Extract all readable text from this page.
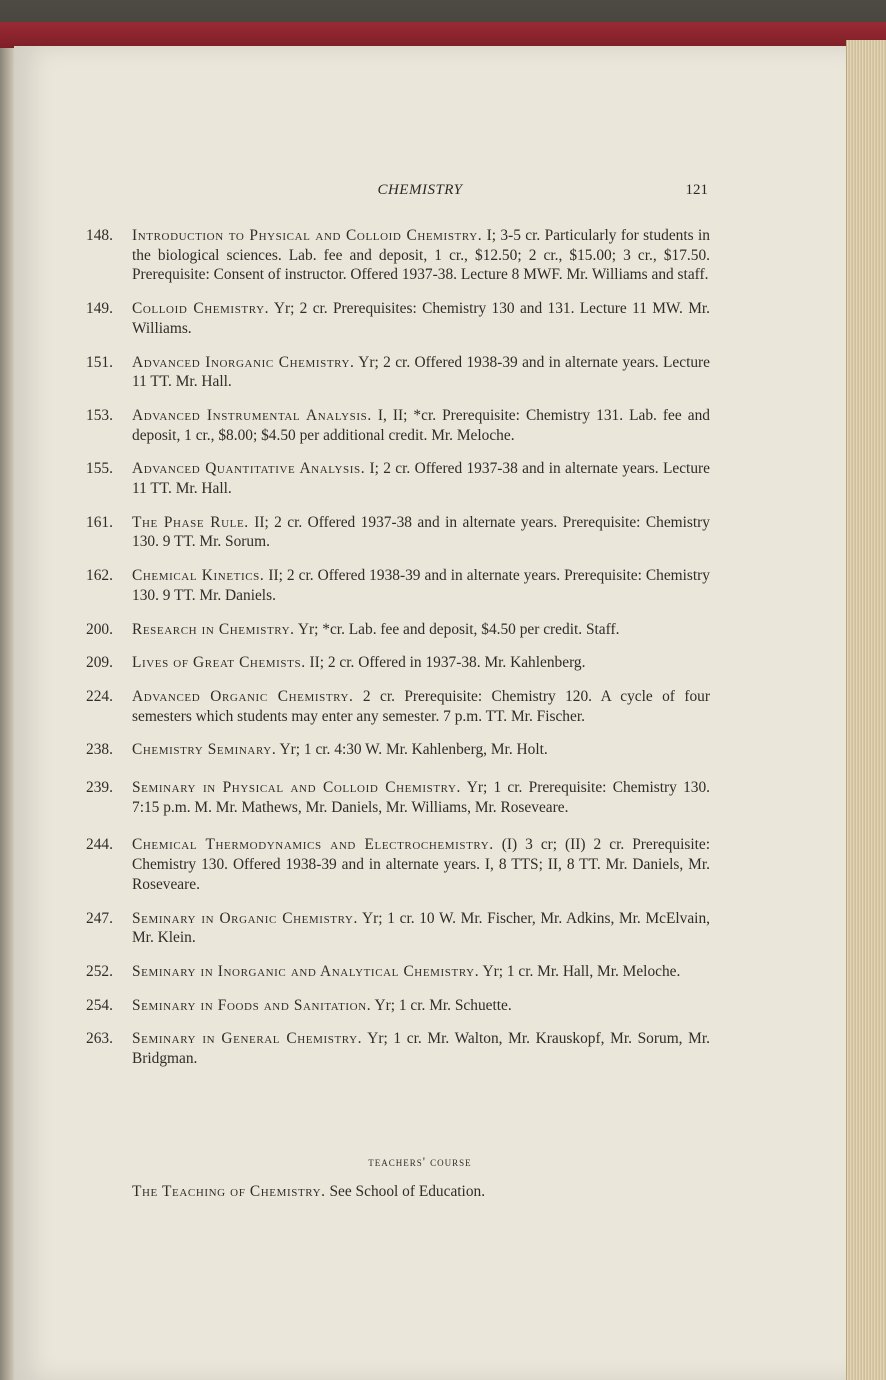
CHEMISTRY	121
148.	Introduction to Physical and Colloid Chemistry. I; 3-5 cr. Particularly for students in the biological sciences. Lab. fee and deposit, 1 cr., $12.50; 2 cr., $15.00; 3 cr., $17.50. Prerequisite: Consent of instructor. Offered 1937-38. Lecture 8 MWF. Mr. Williams and staff.
149.	Colloid Chemistry. Yr; 2 cr. Prerequisites: Chemistry 130 and 131. Lecture 11 MW. Mr. Williams.
151.	Advanced Inorganic Chemistry. Yr; 2 cr. Offered 1938-39 and in alternate years. Lecture 11 TT. Mr. Hall.
153.	Advanced Instrumental Analysis. I, II; *cr. Prerequisite: Chemistry 131. Lab. fee and deposit, 1 cr., $8.00; $4.50 per additional credit. Mr. Meloche.
155.	Advanced Quantitative Analysis. I; 2 cr. Offered 1937-38 and in alternate years. Lecture 11 TT. Mr. Hall.
161.	The Phase Rule. II; 2 cr. Offered 1937-38 and in alternate years. Prerequisite: Chemistry 130. 9 TT. Mr. Sorum.
162.	Chemical Kinetics. II; 2 cr. Offered 1938-39 and in alternate years. Prerequisite: Chemistry 130. 9 TT. Mr. Daniels.
200.	Research in Chemistry. Yr; *cr. Lab. fee and deposit, $4.50 per credit. Staff.
209.	Lives of Great Chemists. II; 2 cr. Offered in 1937-38. Mr. Kahlenberg.
224.	Advanced Organic Chemistry. 2 cr. Prerequisite: Chemistry 120. A cycle of four semesters which students may enter any semester. 7 p.m. TT. Mr. Fischer.
238.	Chemistry Seminary. Yr; 1 cr. 4:30 W. Mr. Kahlenberg, Mr. Holt.
239.	Seminary in Physical and Colloid Chemistry. Yr; 1 cr. Prerequisite: Chemistry 130. 7:15 p.m. M. Mr. Mathews, Mr. Daniels, Mr. Williams, Mr. Roseveare.
244.	Chemical Thermodynamics and Electrochemistry. (I) 3 cr; (II) 2 cr. Prerequisite: Chemistry 130. Offered 1938-39 and in alternate years. I, 8 TTS; II, 8 TT. Mr. Daniels, Mr. Roseveare.
247.	Seminary in Organic Chemistry. Yr; 1 cr. 10 W. Mr. Fischer, Mr. Adkins, Mr. McElvain, Mr. Klein.
252.	Seminary in Inorganic and Analytical Chemistry. Yr; 1 cr. Mr. Hall, Mr. Meloche.
254.	Seminary in Foods and Sanitation. Yr; 1 cr. Mr. Schuette.
263.	Seminary in General Chemistry. Yr; 1 cr. Mr. Walton, Mr. Krauskopf, Mr. Sorum, Mr. Bridgman.
teachers' course
The Teaching of Chemistry. See School of Education.
